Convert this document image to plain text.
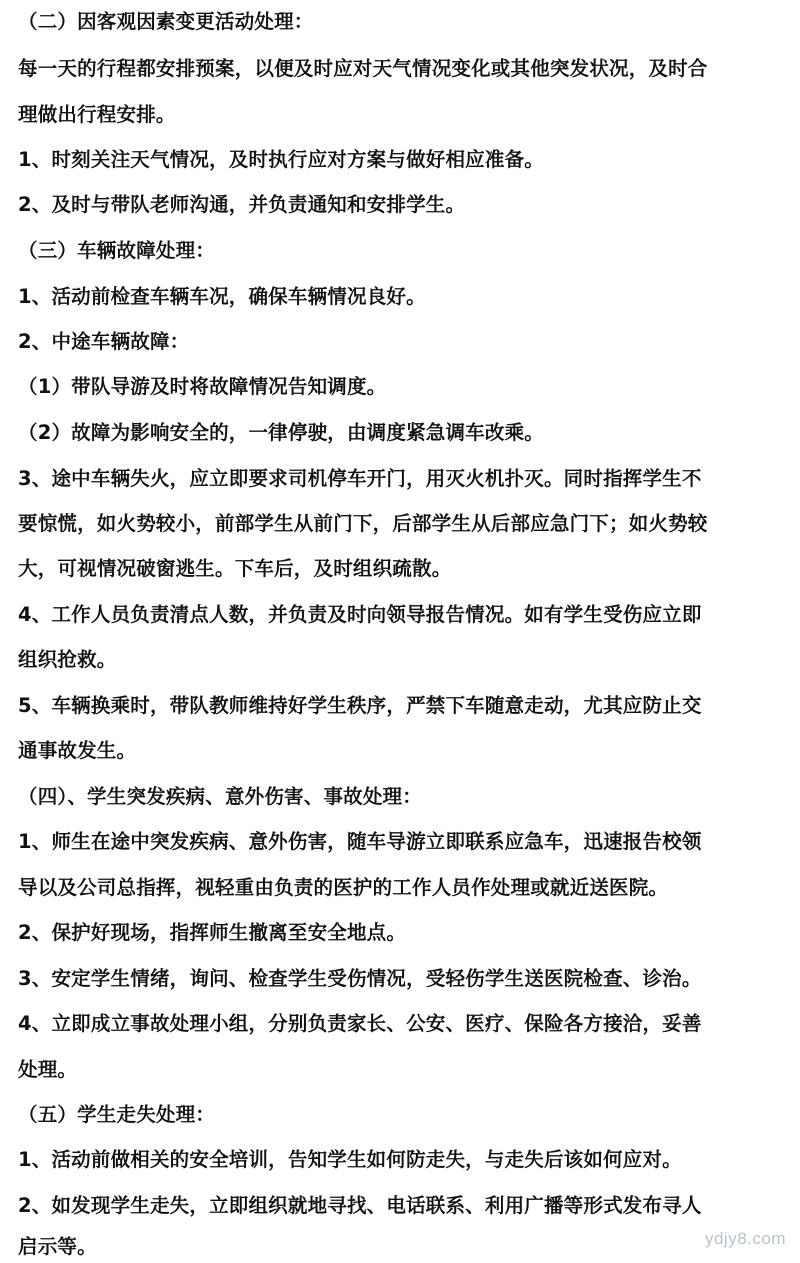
（二）因客观因素变更活动处理：
每一天的行程都安排预案，以便及时应对天气情况变化或其他突发状况，及时合
理做出行程安排。
1、时刻关注天气情况，及时执行应对方案与做好相应准备。
2、及时与带队老师沟通，并负责通知和安排学生。
（三）车辆故障处理：
1、活动前检查车辆车况，确保车辆情况良好。
2、中途车辆故障：
（1）带队导游及时将故障情况告知调度。
（2）故障为影响安全的，一律停驶，由调度紧急调车改乘。
3、途中车辆失火，应立即要求司机停车开门，用灭火机扑灭。同时指挥学生不
要惊慌，如火势较小，前部学生从前门下，后部学生从后部应急门下；如火势较
大，可视情况破窗逃生。下车后，及时组织疏散。
4、工作人员负责清点人数，并负责及时向领导报告情况。如有学生受伤应立即
组织抢救。
5、车辆换乘时，带队教师维持好学生秩序，严禁下车随意走动，尤其应防止交
通事故发生。
（四）、学生突发疾病、意外伤害、事故处理：
1、师生在途中突发疾病、意外伤害，随车导游立即联系应急车，迅速报告校领
导以及公司总指挥，视轻重由负责的医护的工作人员作处理或就近送医院。
2、保护好现场，指挥师生撤离至安全地点。
3、安定学生情绪，询问、检查学生受伤情况，受轻伤学生送医院检查、诊治。
4、立即成立事故处理小组，分别负责家长、公安、医疗、保险各方接洽，妥善
处理。
（五）学生走失处理：
1、活动前做相关的安全培训，告知学生如何防走失，与走失后该如何应对。
2、如发现学生走失，立即组织就地寻找、电话联系、利用广播等形式发布寻人
启示等。	ydjy8.com
